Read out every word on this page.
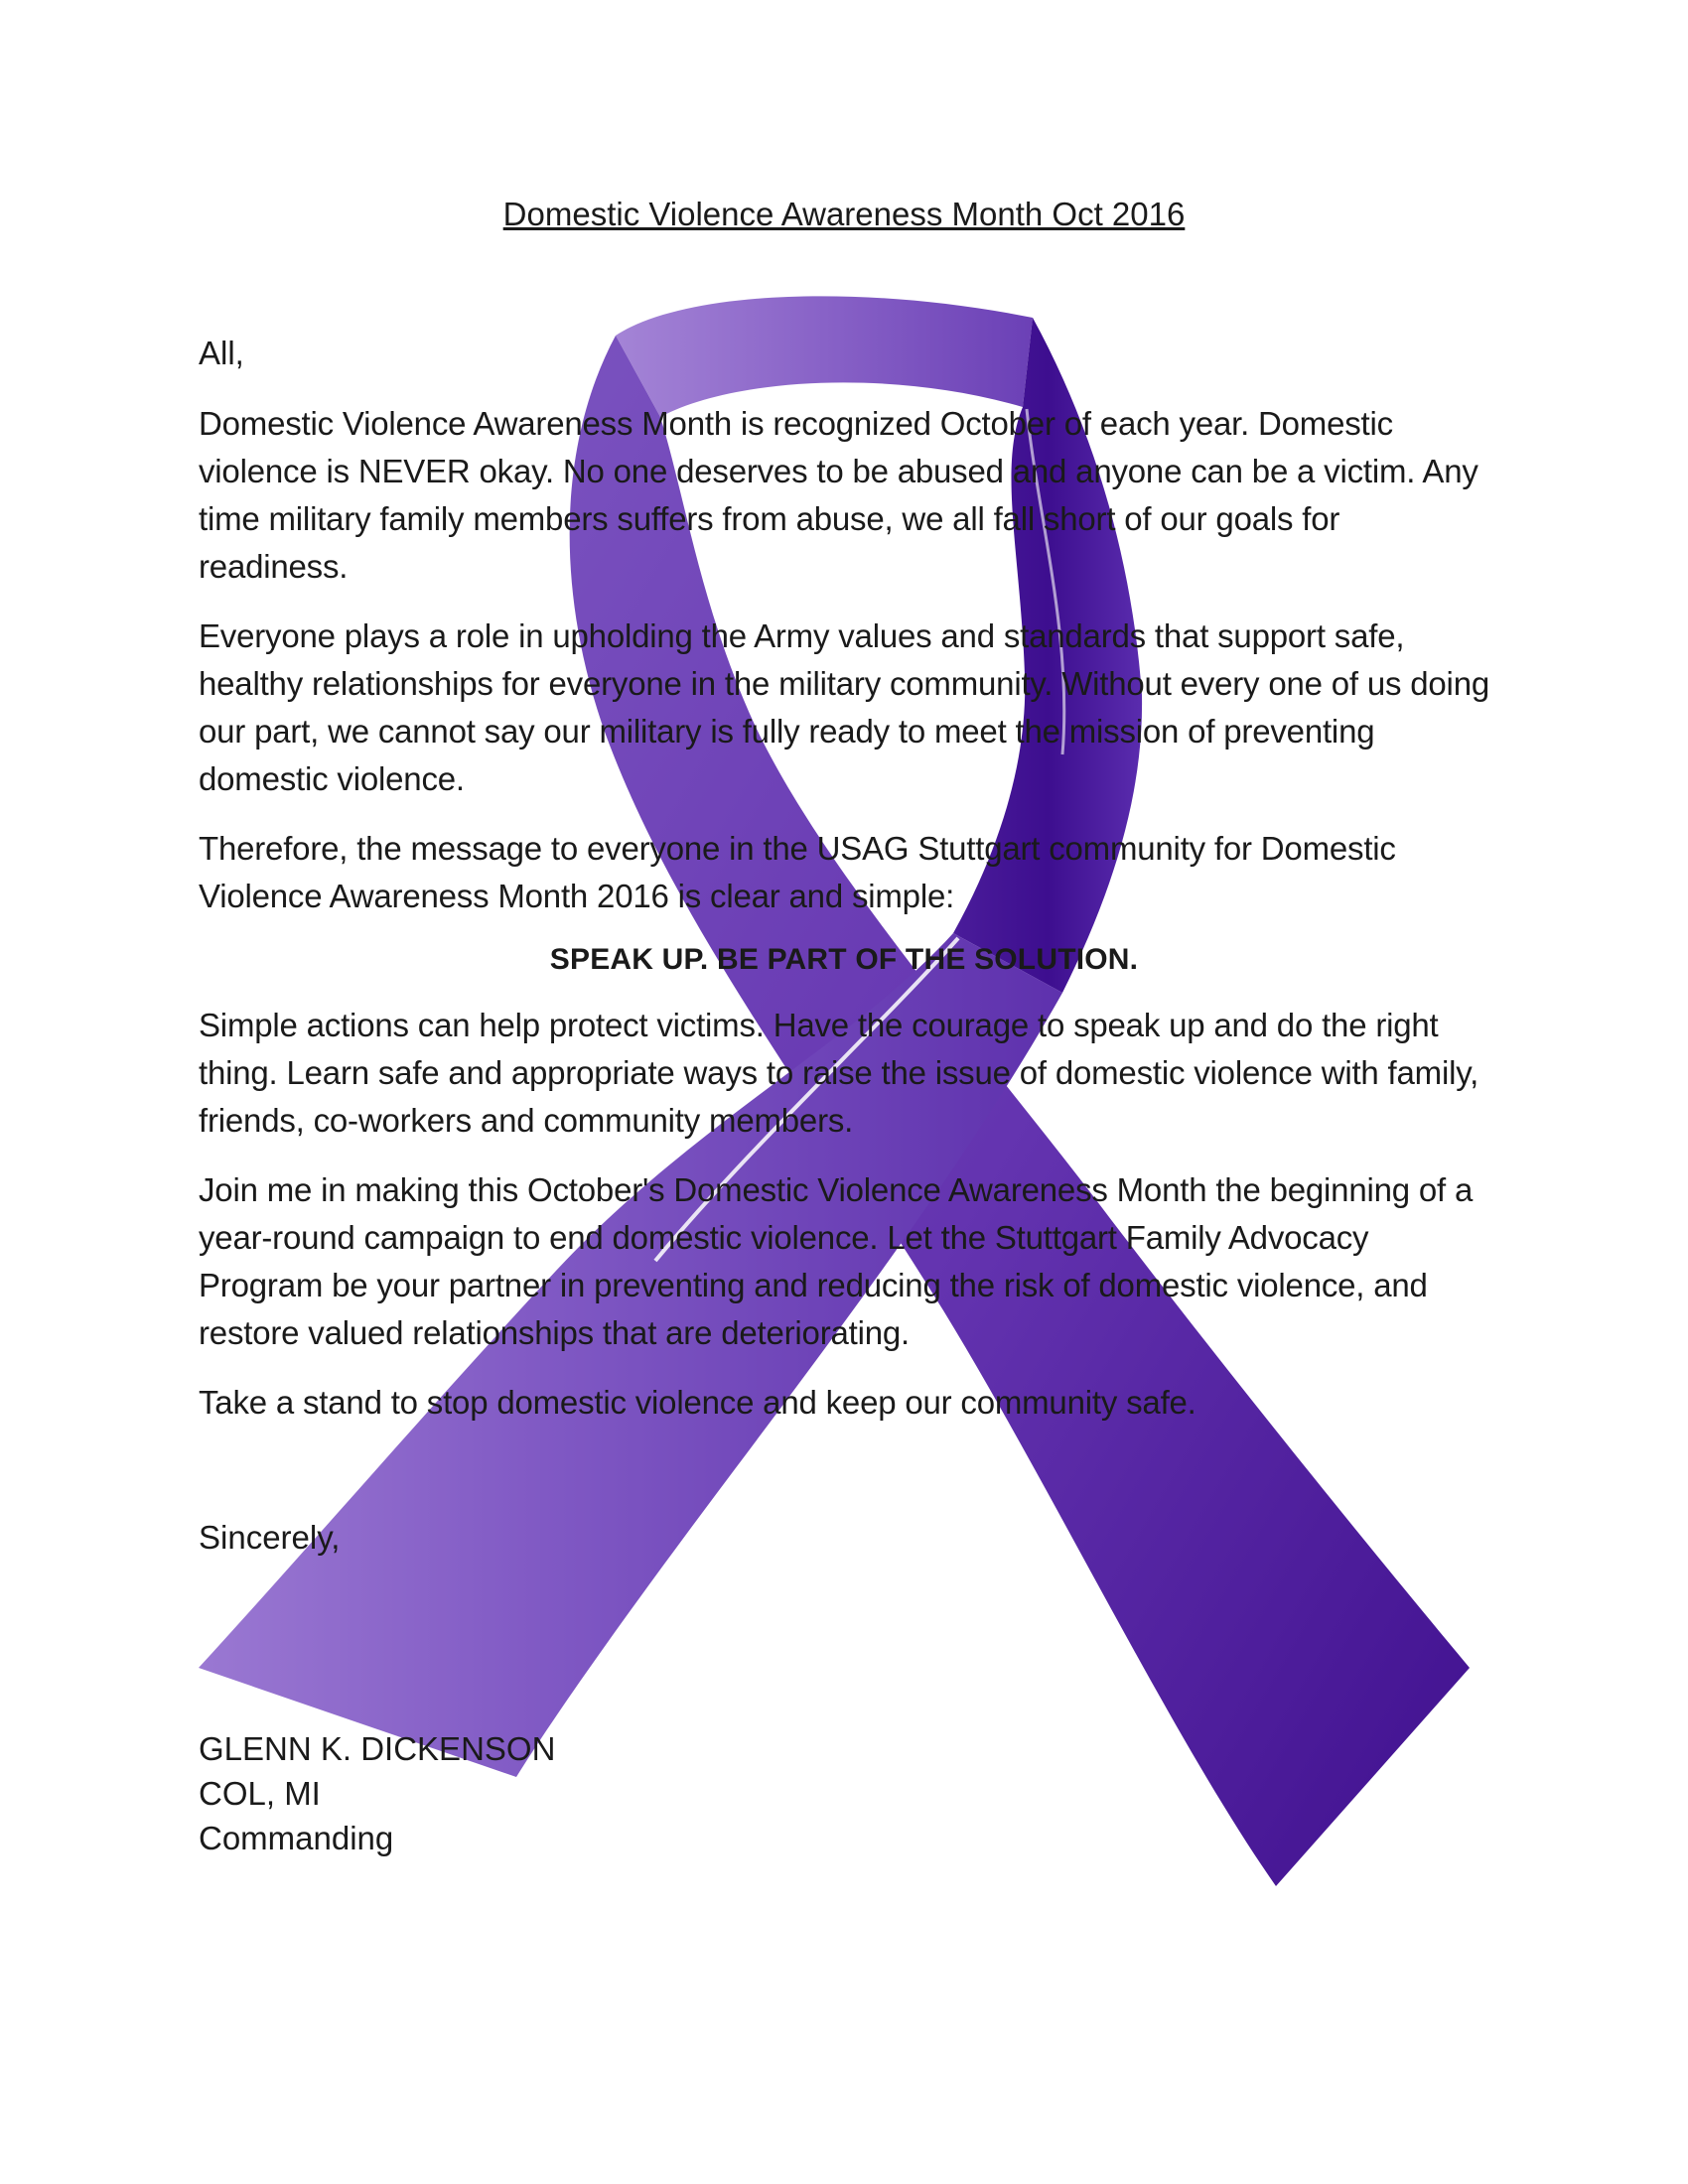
Domestic Violence Awareness Month Oct 2016
All,

Domestic Violence Awareness Month is recognized October of each year. Domestic violence is NEVER okay. No one deserves to be abused and anyone can be a victim. Any time military family members suffers from abuse, we all fall short of our goals for readiness.

Everyone plays a role in upholding the Army values and standards that support safe, healthy relationships for everyone in the military community. Without every one of us doing our part, we cannot say our military is fully ready to meet the mission of preventing domestic violence.

Therefore, the message to everyone in the USAG Stuttgart community for Domestic Violence Awareness Month 2016 is clear and simple:

SPEAK UP. BE PART OF THE SOLUTION.

Simple actions can help protect victims. Have the courage to speak up and do the right thing. Learn safe and appropriate ways to raise the issue of domestic violence with family, friends, co-workers and community members.

Join me in making this October's Domestic Violence Awareness Month the beginning of a year-round campaign to end domestic violence. Let the Stuttgart Family Advocacy Program be your partner in preventing and reducing the risk of domestic violence, and restore valued relationships that are deteriorating.

Take a stand to stop domestic violence and keep our community safe.

Sincerely,
GLENN K. DICKENSON
COL, MI
Commanding
